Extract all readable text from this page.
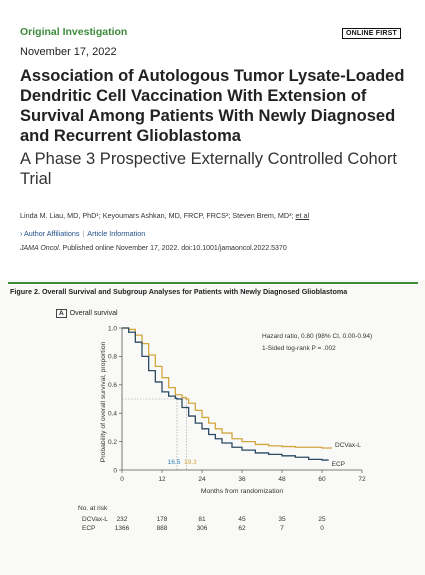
Original Investigation	ONLINE FIRST
November 17, 2022
Association of Autologous Tumor Lysate-Loaded Dendritic Cell Vaccination With Extension of Survival Among Patients With Newly Diagnosed and Recurrent Glioblastoma
A Phase 3 Prospective Externally Controlled Cohort Trial
Linda M. Liau, MD, PhD¹; Keyoumars Ashkan, MD, FRCP, FRCS²; Steven Brem, MD³; et al
› Author Affiliations | Article Information
JAMA Oncol. Published online November 17, 2022. doi:10.1001/jamaoncol.2022.5370
Figure 2. Overall Survival and Subgroup Analyses for Patients with Newly Diagnosed Glioblastoma
A Overall survival
0	12	24	36	48	60	72
0
0.2
0.4
0.6
0.8
1.0
Months from randomization
Probability of overall survival, proportion
16.5 19.3
DCVax-L
ECP
Hazard ratio, 0.80 (98% CI, 0.00-0.94)
1-Sided log-rank P = .002
No. at risk
DCVax-L 232	178	81	45	35	25
ECP	1366	888	306	62	7	0
